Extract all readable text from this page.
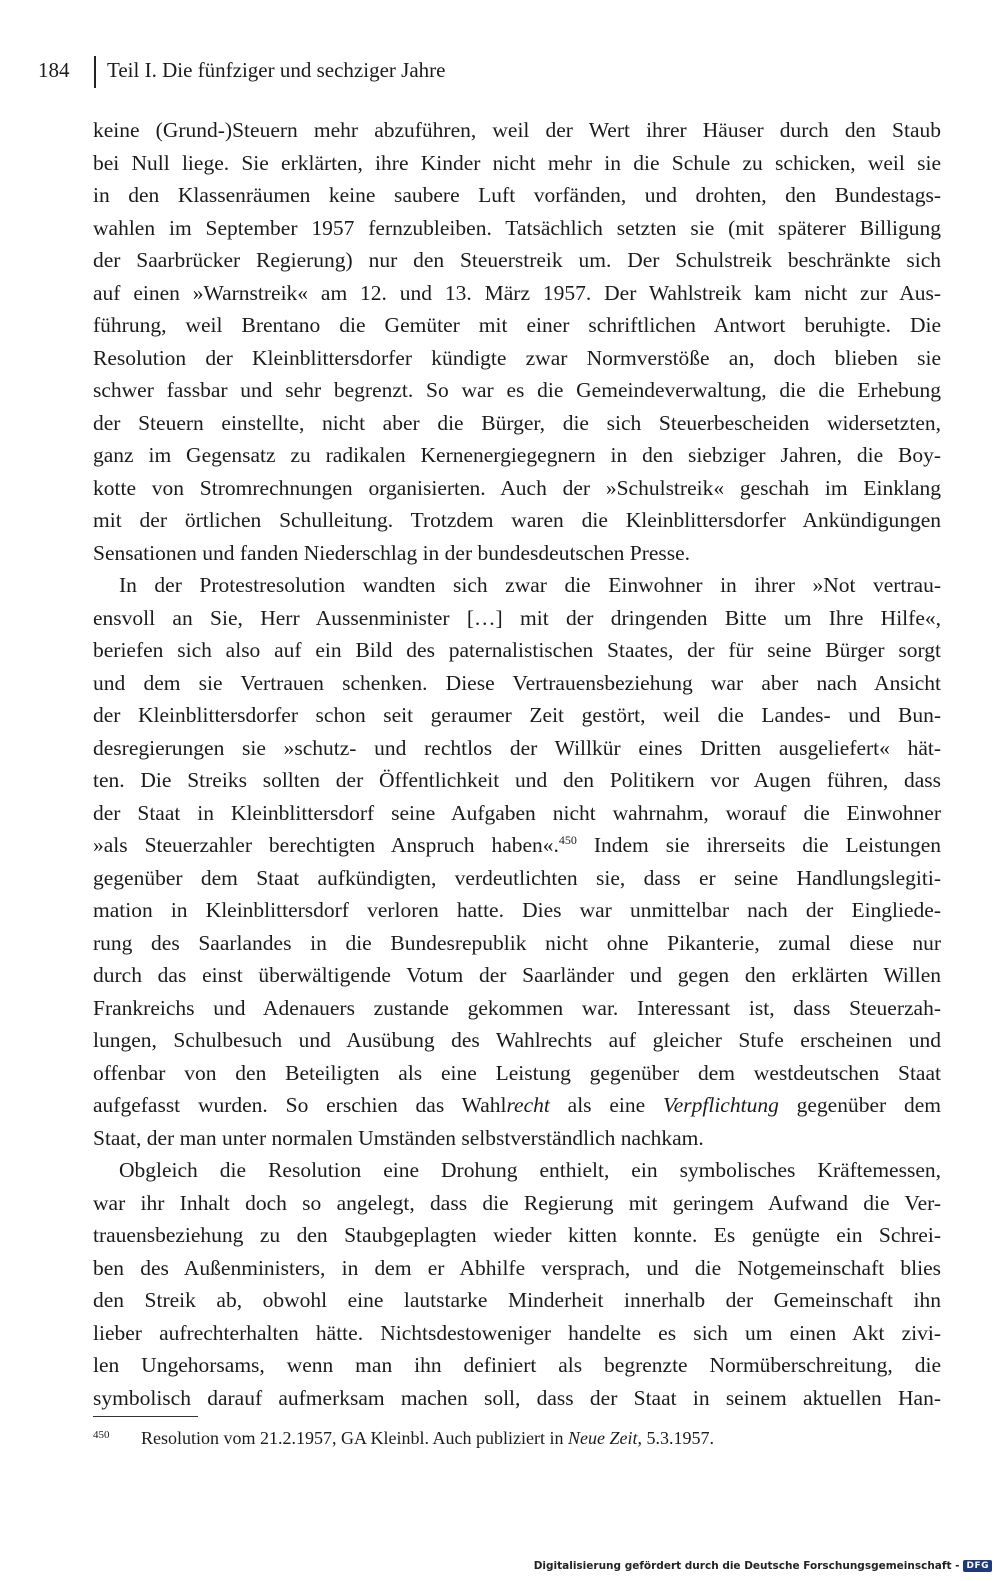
184 Teil I. Die fünfziger und sechziger Jahre
keine (Grund-)Steuern mehr abzuführen, weil der Wert ihrer Häuser durch den Staub
bei Null liege. Sie erklärten, ihre Kinder nicht mehr in die Schule zu schicken, weil sie
in den Klassenräumen keine saubere Luft vorfänden, und drohten, den Bundestags-
wahlen im September 1957 fernzubleiben. Tatsächlich setzten sie (mit späterer Billigung
der Saarbrücker Regierung) nur den Steuerstreik um. Der Schulstreik beschränkte sich
auf einen »Warnstreik« am 12. und 13. März 1957. Der Wahlstreik kam nicht zur Aus-
führung, weil Brentano die Gemüter mit einer schriftlichen Antwort beruhigte. Die
Resolution der Kleinblittersdorfer kündigte zwar Normverstöße an, doch blieben sie
schwer fassbar und sehr begrenzt. So war es die Gemeindeverwaltung, die die Erhebung
der Steuern einstellte, nicht aber die Bürger, die sich Steuerbescheiden widersetzten,
ganz im Gegensatz zu radikalen Kernenergiegegnern in den siebziger Jahren, die Boy-
kotte von Stromrechnungen organisierten. Auch der »Schulstreik« geschah im Einklang
mit der örtlichen Schulleitung. Trotzdem waren die Kleinblittersdorfer Ankündigungen
Sensationen und fanden Niederschlag in der bundesdeutschen Presse.
In der Protestresolution wandten sich zwar die Einwohner in ihrer »Not vertrau-
ensvoll an Sie, Herr Aussenminister […] mit der dringenden Bitte um Ihre Hilfe«,
beriefen sich also auf ein Bild des paternalistischen Staates, der für seine Bürger sorgt
und dem sie Vertrauen schenken. Diese Vertrauensbeziehung war aber nach Ansicht
der Kleinblittersdorfer schon seit geraumer Zeit gestört, weil die Landes- und Bun-
desregierungen sie »schutz- und rechtlos der Willkür eines Dritten ausgeliefert« hät-
ten. Die Streiks sollten der Öffentlichkeit und den Politikern vor Augen führen, dass
der Staat in Kleinblittersdorf seine Aufgaben nicht wahrnahm, worauf die Einwohner
»als Steuerzahler berechtigten Anspruch haben«.$^{450}$ Indem sie ihrerseits die Leistungen
gegenüber dem Staat aufkündigten, verdeutlichten sie, dass er seine Handlungslegiti-
mation in Kleinblittersdorf verloren hatte. Dies war unmittelbar nach der Eingliede-
rung des Saarlandes in die Bundesrepublik nicht ohne Pikanterie, zumal diese nur
durch das einst überwältigende Votum der Saarländer und gegen den erklärten Willen
Frankreichs und Adenauers zustande gekommen war. Interessant ist, dass Steuerzah-
lungen, Schulbesuch und Ausübung des Wahlrechts auf gleicher Stufe erscheinen und
offenbar von den Beteiligten als eine Leistung gegenüber dem westdeutschen Staat
aufgefasst wurden. So erschien das Wahlrecht als eine Verpflichtung gegenüber dem
Staat, der man unter normalen Umständen selbstverständlich nachkam.
Obgleich die Resolution eine Drohung enthielt, ein symbolisches Kräftemessen,
war ihr Inhalt doch so angelegt, dass die Regierung mit geringem Aufwand die Ver-
trauensbeziehung zu den Staubgeplagten wieder kitten konnte. Es genügte ein Schrei-
ben des Außenministers, in dem er Abhilfe versprach, und die Notgemeinschaft blies
den Streik ab, obwohl eine lautstarke Minderheit innerhalb der Gemeinschaft ihn
lieber aufrechterhalten hätte. Nichtsdestoweniger handelte es sich um einen Akt zivi-
len Ungehorsams, wenn man ihn definiert als begrenzte Normüberschreitung, die
symbolisch darauf aufmerksam machen soll, dass der Staat in seinem aktuellen Han-
450 Resolution vom 21.2.1957, GA Kleinbl. Auch publiziert in Neue Zeit, 5.3.1957.
Digitalisierung gefördert durch die Deutsche Forschungsgemeinschaft - DFG
